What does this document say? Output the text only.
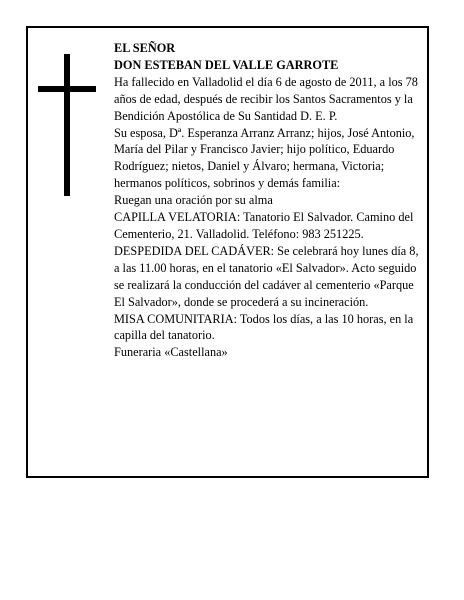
EL SEÑOR

DON ESTEBAN DEL VALLE GARROTE

Ha fallecido en Valladolid el día 6 de agosto de 2011, a los 78 años de edad, después de recibir los Santos Sacramentos y la Bendición Apostólica de Su Santidad D. E. P.

Su esposa, Dª. Esperanza Arranz Arranz; hijos, José Antonio, María del Pilar y Francisco Javier; hijo político, Eduardo Rodríguez; nietos, Daniel y Álvaro; hermana, Victoria; hermanos políticos, sobrinos y demás familia:

Ruegan una oración por su alma

CAPILLA VELATORIA: Tanatorio El Salvador. Camino del Cementerio, 21. Valladolid. Teléfono: 983 251225.

DESPEDIDA DEL CADÁVER: Se celebrará hoy lunes día 8, a las 11.00 horas, en el tanatorio «El Salvador». Acto seguido se realizará la conducción del cadáver al cementerio «Parque El Salvador», donde se procederá a su incineración.

MISA COMUNITARIA: Todos los días, a las 10 horas, en la capilla del tanatorio.

Funeraria «Castellana»
